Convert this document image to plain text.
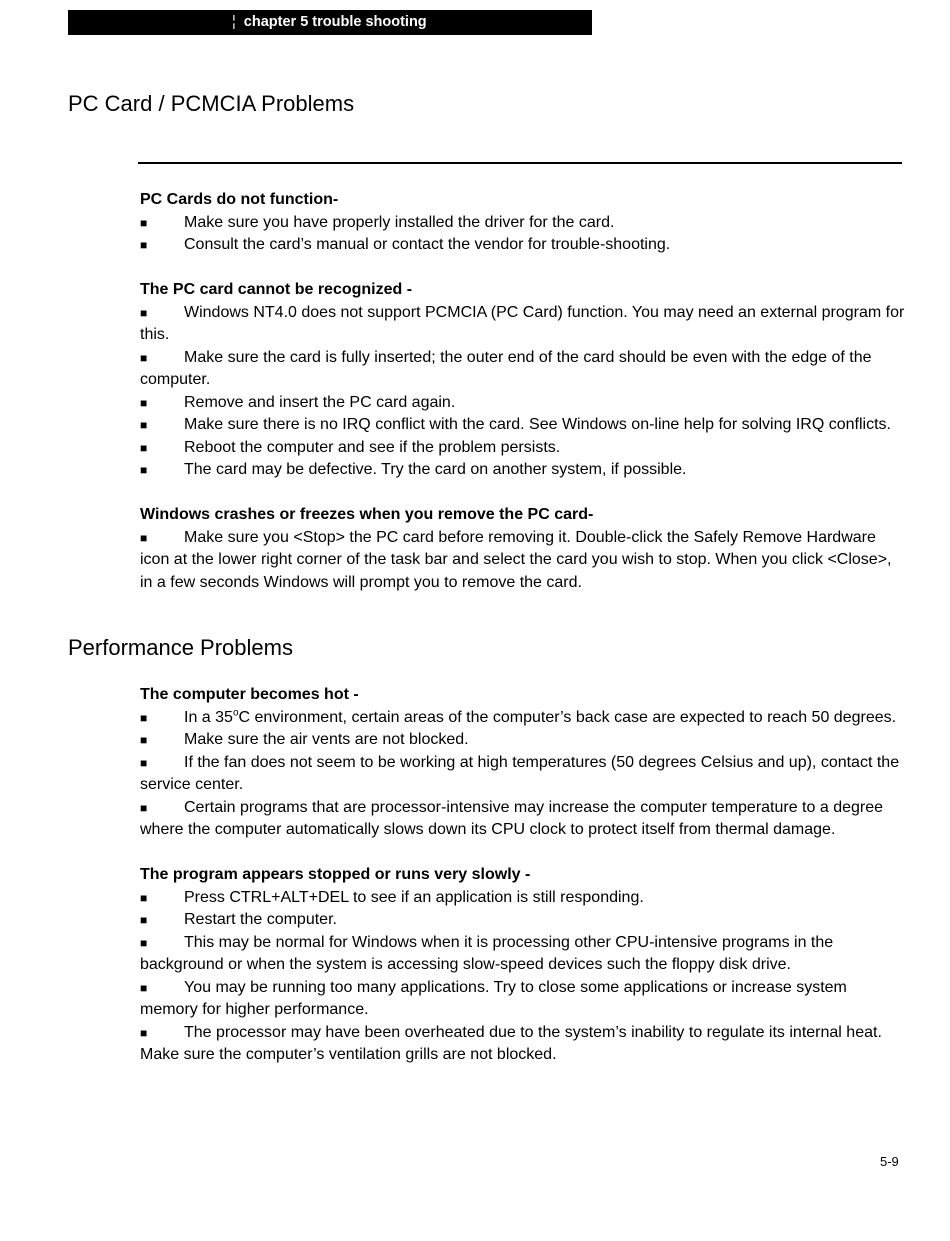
¦ chapter 5 trouble shooting
PC Card / PCMCIA Problems

PC Cards do not function-

■ Make sure you have properly installed the driver for the card.
■ Consult the card’s manual or contact the vendor for trouble-shooting.

The PC card cannot be recognized -

■ Windows NT4.0 does not support PCMCIA (PC Card) function. You may need an external program for this.
■ Make sure the card is fully inserted; the outer end of the card should be even with the edge of the computer.
■ Remove and insert the PC card again.
■ Make sure there is no IRQ conflict with the card. See Windows on-line help for solving IRQ conflicts.
■ Reboot the computer and see if the problem persists.
■ The card may be defective. Try the card on another system, if possible.

Windows crashes or freezes when you remove the PC card-

■ Make sure you <Stop> the PC card before removing it. Double-click the Safely Remove Hardware icon at the lower right corner of the task bar and select the card you wish to stop. When you click <Close>, in a few seconds Windows will prompt you to remove the card.
Performance Problems

The computer becomes hot -

■ In a 35$^o$C environment, certain areas of the computer’s back case are expected to reach 50 degrees.
■ Make sure the air vents are not blocked.
■ If the fan does not seem to be working at high temperatures (50 degrees Celsius and up), contact the service center.
■ Certain programs that are processor-intensive may increase the computer temperature to a degree where the computer automatically slows down its CPU clock to protect itself from thermal damage.

The program appears stopped or runs very slowly -

■ Press CTRL+ALT+DEL to see if an application is still responding.
■ Restart the computer.
■ This may be normal for Windows when it is processing other CPU-intensive programs in the background or when the system is accessing slow-speed devices such the floppy disk drive.
■ You may be running too many applications. Try to close some applications or increase system memory for higher performance.
■ The processor may have been overheated due to the system’s inability to regulate its internal heat. Make sure the computer’s ventilation grills are not blocked.
5-9
